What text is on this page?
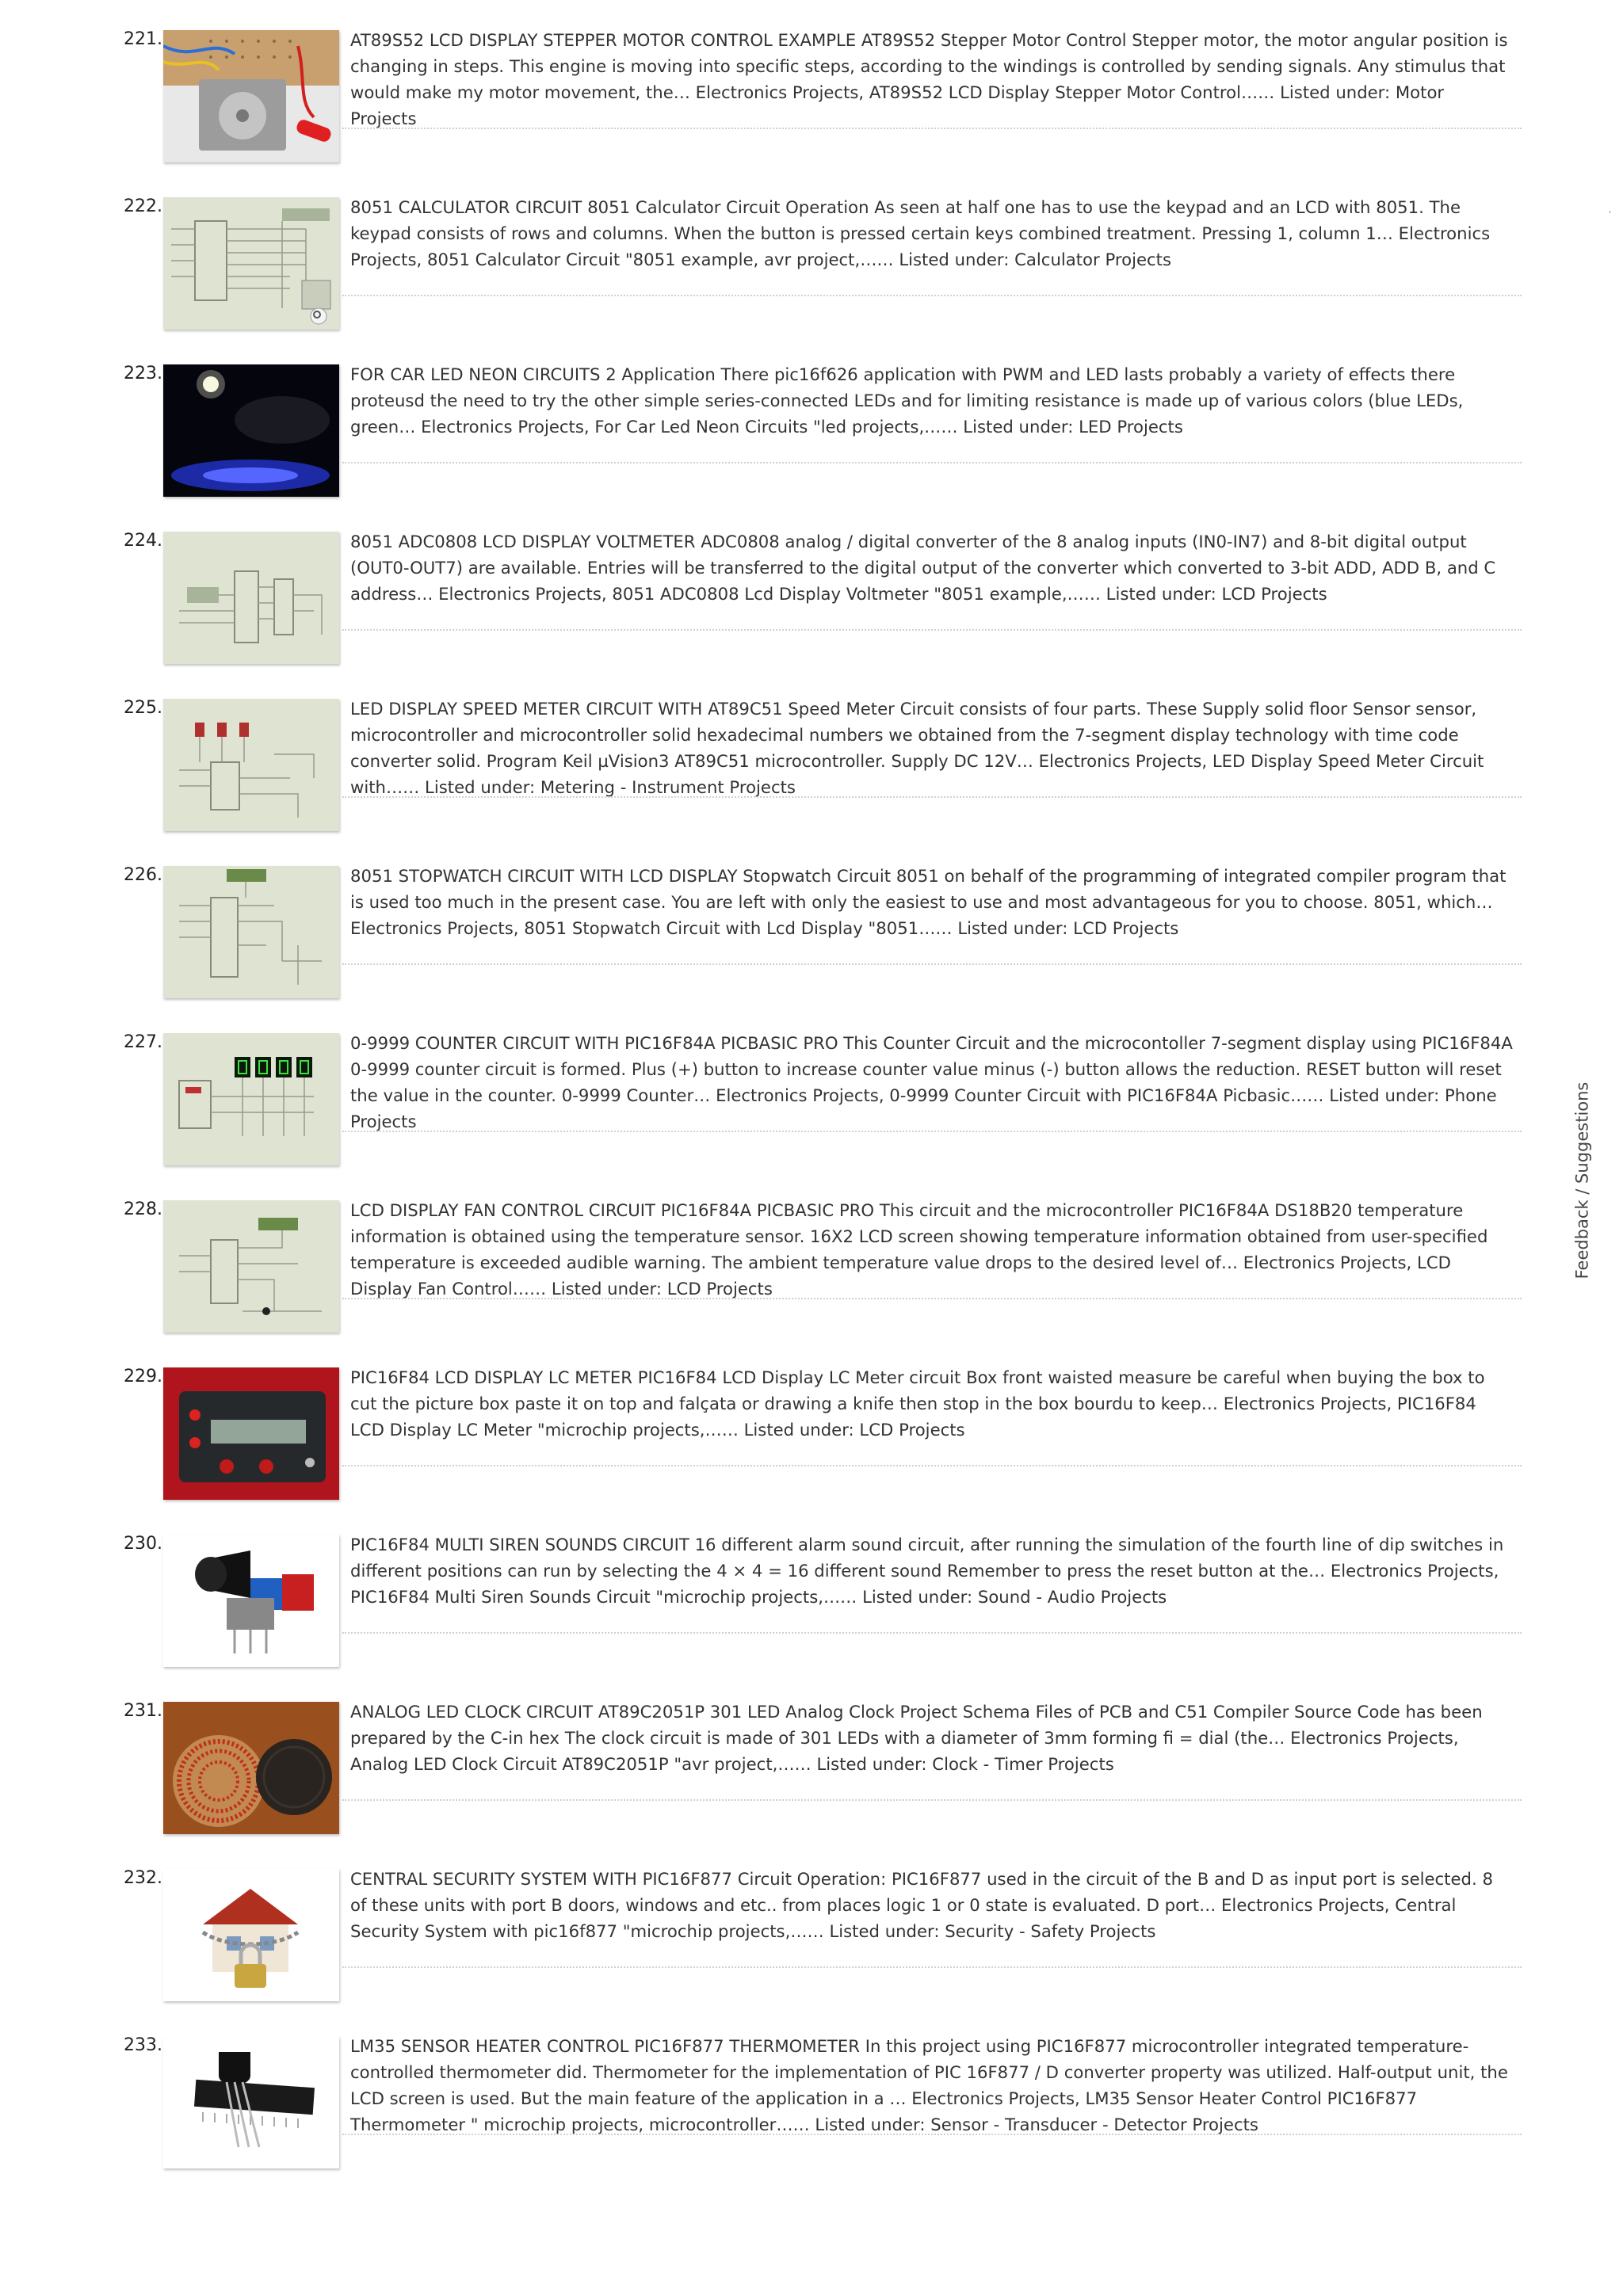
221.	AT89S52 LCD DISPLAY STEPPER MOTOR CONTROL EXAMPLE AT89S52 Stepper Motor Control Stepper motor, the motor angular position is changing in steps. This engine is moving into specific steps, according to the windings is controlled by sending signals. Any stimulus that would make my motor movement, the… Electronics Projects, AT89S52 LCD Display Stepper Motor Control…… Listed under: Motor Projects

222.	8051 CALCULATOR CIRCUIT 8051 Calculator Circuit Operation As seen at half one has to use the keypad and an LCD with 8051. The keypad consists of rows and columns. When the button is pressed certain keys combined treatment. Pressing 1, column 1… Electronics Projects, 8051 Calculator Circuit "8051 example, avr project,…… Listed under: Calculator Projects

223.	FOR CAR LED NEON CIRCUITS 2 Application There pic16f626 application with PWM and LED lasts probably a variety of effects there proteusd the need to try the other simple series-connected LEDs and for limiting resistance is made up of various colors (blue LEDs, green… Electronics Projects, For Car Led Neon Circuits "led projects,…… Listed under: LED Projects

224.	8051 ADC0808 LCD DISPLAY VOLTMETER ADC0808 analog / digital converter of the 8 analog inputs (IN0-IN7) and 8-bit digital output (OUT0-OUT7) are available. Entries will be transferred to the digital output of the converter which converted to 3-bit ADD, ADD B, and C address… Electronics Projects, 8051 ADC0808 Lcd Display Voltmeter "8051 example,…… Listed under: LCD Projects

225.	LED DISPLAY SPEED METER CIRCUIT WITH AT89C51 Speed Meter Circuit consists of four parts. These Supply solid floor Sensor sensor, microcontroller and microcontroller solid hexadecimal numbers we obtained from the 7-segment display technology with time code converter solid. Program Keil µVision3 AT89C51 microcontroller. Supply DC 12V… Electronics Projects, LED Display Speed Meter Circuit with…… Listed under: Metering - Instrument Projects

226.	8051 STOPWATCH CIRCUIT WITH LCD DISPLAY Stopwatch Circuit 8051 on behalf of the programming of integrated compiler program that is used too much in the present case. You are left with only the easiest to use and most advantageous for you to choose. 8051, which… Electronics Projects, 8051 Stopwatch Circuit with Lcd Display "8051…… Listed under: LCD Projects

227.	0-9999 COUNTER CIRCUIT WITH PIC16F84A PICBASIC PRO This Counter Circuit and the microcontoller 7-segment display using PIC16F84A 0-9999 counter circuit is formed. Plus (+) button to increase counter value minus (-) button allows the reduction. RESET button will reset the value in the counter. 0-9999 Counter… Electronics Projects, 0-9999 Counter Circuit with PIC16F84A Picbasic…… Listed under: Phone Projects

228.	LCD DISPLAY FAN CONTROL CIRCUIT PIC16F84A PICBASIC PRO This circuit and the microcontroller PIC16F84A DS18B20 temperature information is obtained using the temperature sensor. 16X2 LCD screen showing temperature information obtained from user-specified temperature is exceeded audible warning. The ambient temperature value drops to the desired level of… Electronics Projects, LCD Display Fan Control…… Listed under: LCD Projects

229.	PIC16F84 LCD DISPLAY LC METER PIC16F84 LCD Display LC Meter circuit Box front waisted measure be careful when buying the box to cut the picture box paste it on top and falçata or drawing a knife then stop in the box bourdu to keep… Electronics Projects, PIC16F84 LCD Display LC Meter "microchip projects,…… Listed under: LCD Projects

230.	PIC16F84 MULTI SIREN SOUNDS CIRCUIT 16 different alarm sound circuit, after running the simulation of the fourth line of dip switches in different positions can run by selecting the 4 × 4 = 16 different sound Remember to press the reset button at the… Electronics Projects, PIC16F84 Multi Siren Sounds Circuit "microchip projects,…… Listed under: Sound - Audio Projects

231.	ANALOG LED CLOCK CIRCUIT AT89C2051P 301 LED Analog Clock Project Schema Files of PCB and C51 Compiler Source Code has been prepared by the C-in hex The clock circuit is made of 301 LEDs with a diameter of 3mm forming fi = dial (the… Electronics Projects, Analog LED Clock Circuit AT89C2051P "avr project,…… Listed under: Clock - Timer Projects

232.	CENTRAL SECURITY SYSTEM WITH PIC16F877 Circuit Operation: PIC16F877 used in the circuit of the B and D as input port is selected. 8 of these units with port B doors, windows and etc.. from places logic 1 or 0 state is evaluated. D port… Electronics Projects, Central Security System with pic16f877 "microchip projects,…… Listed under: Security - Safety Projects

233.	LM35 SENSOR HEATER CONTROL PIC16F877 THERMOMETER In this project using PIC16F877 microcontroller integrated temperature-controlled thermometer did. Thermometer for the implementation of PIC 16F877 / D converter property was utilized. Half-output unit, the LCD screen is used. But the main feature of the application in a … Electronics Projects, LM35 Sensor Heater Control PIC16F877 Thermometer " microchip projects, microcontroller…… Listed under: Sensor - Transducer - Detector Projects

Feedback / Suggestions
